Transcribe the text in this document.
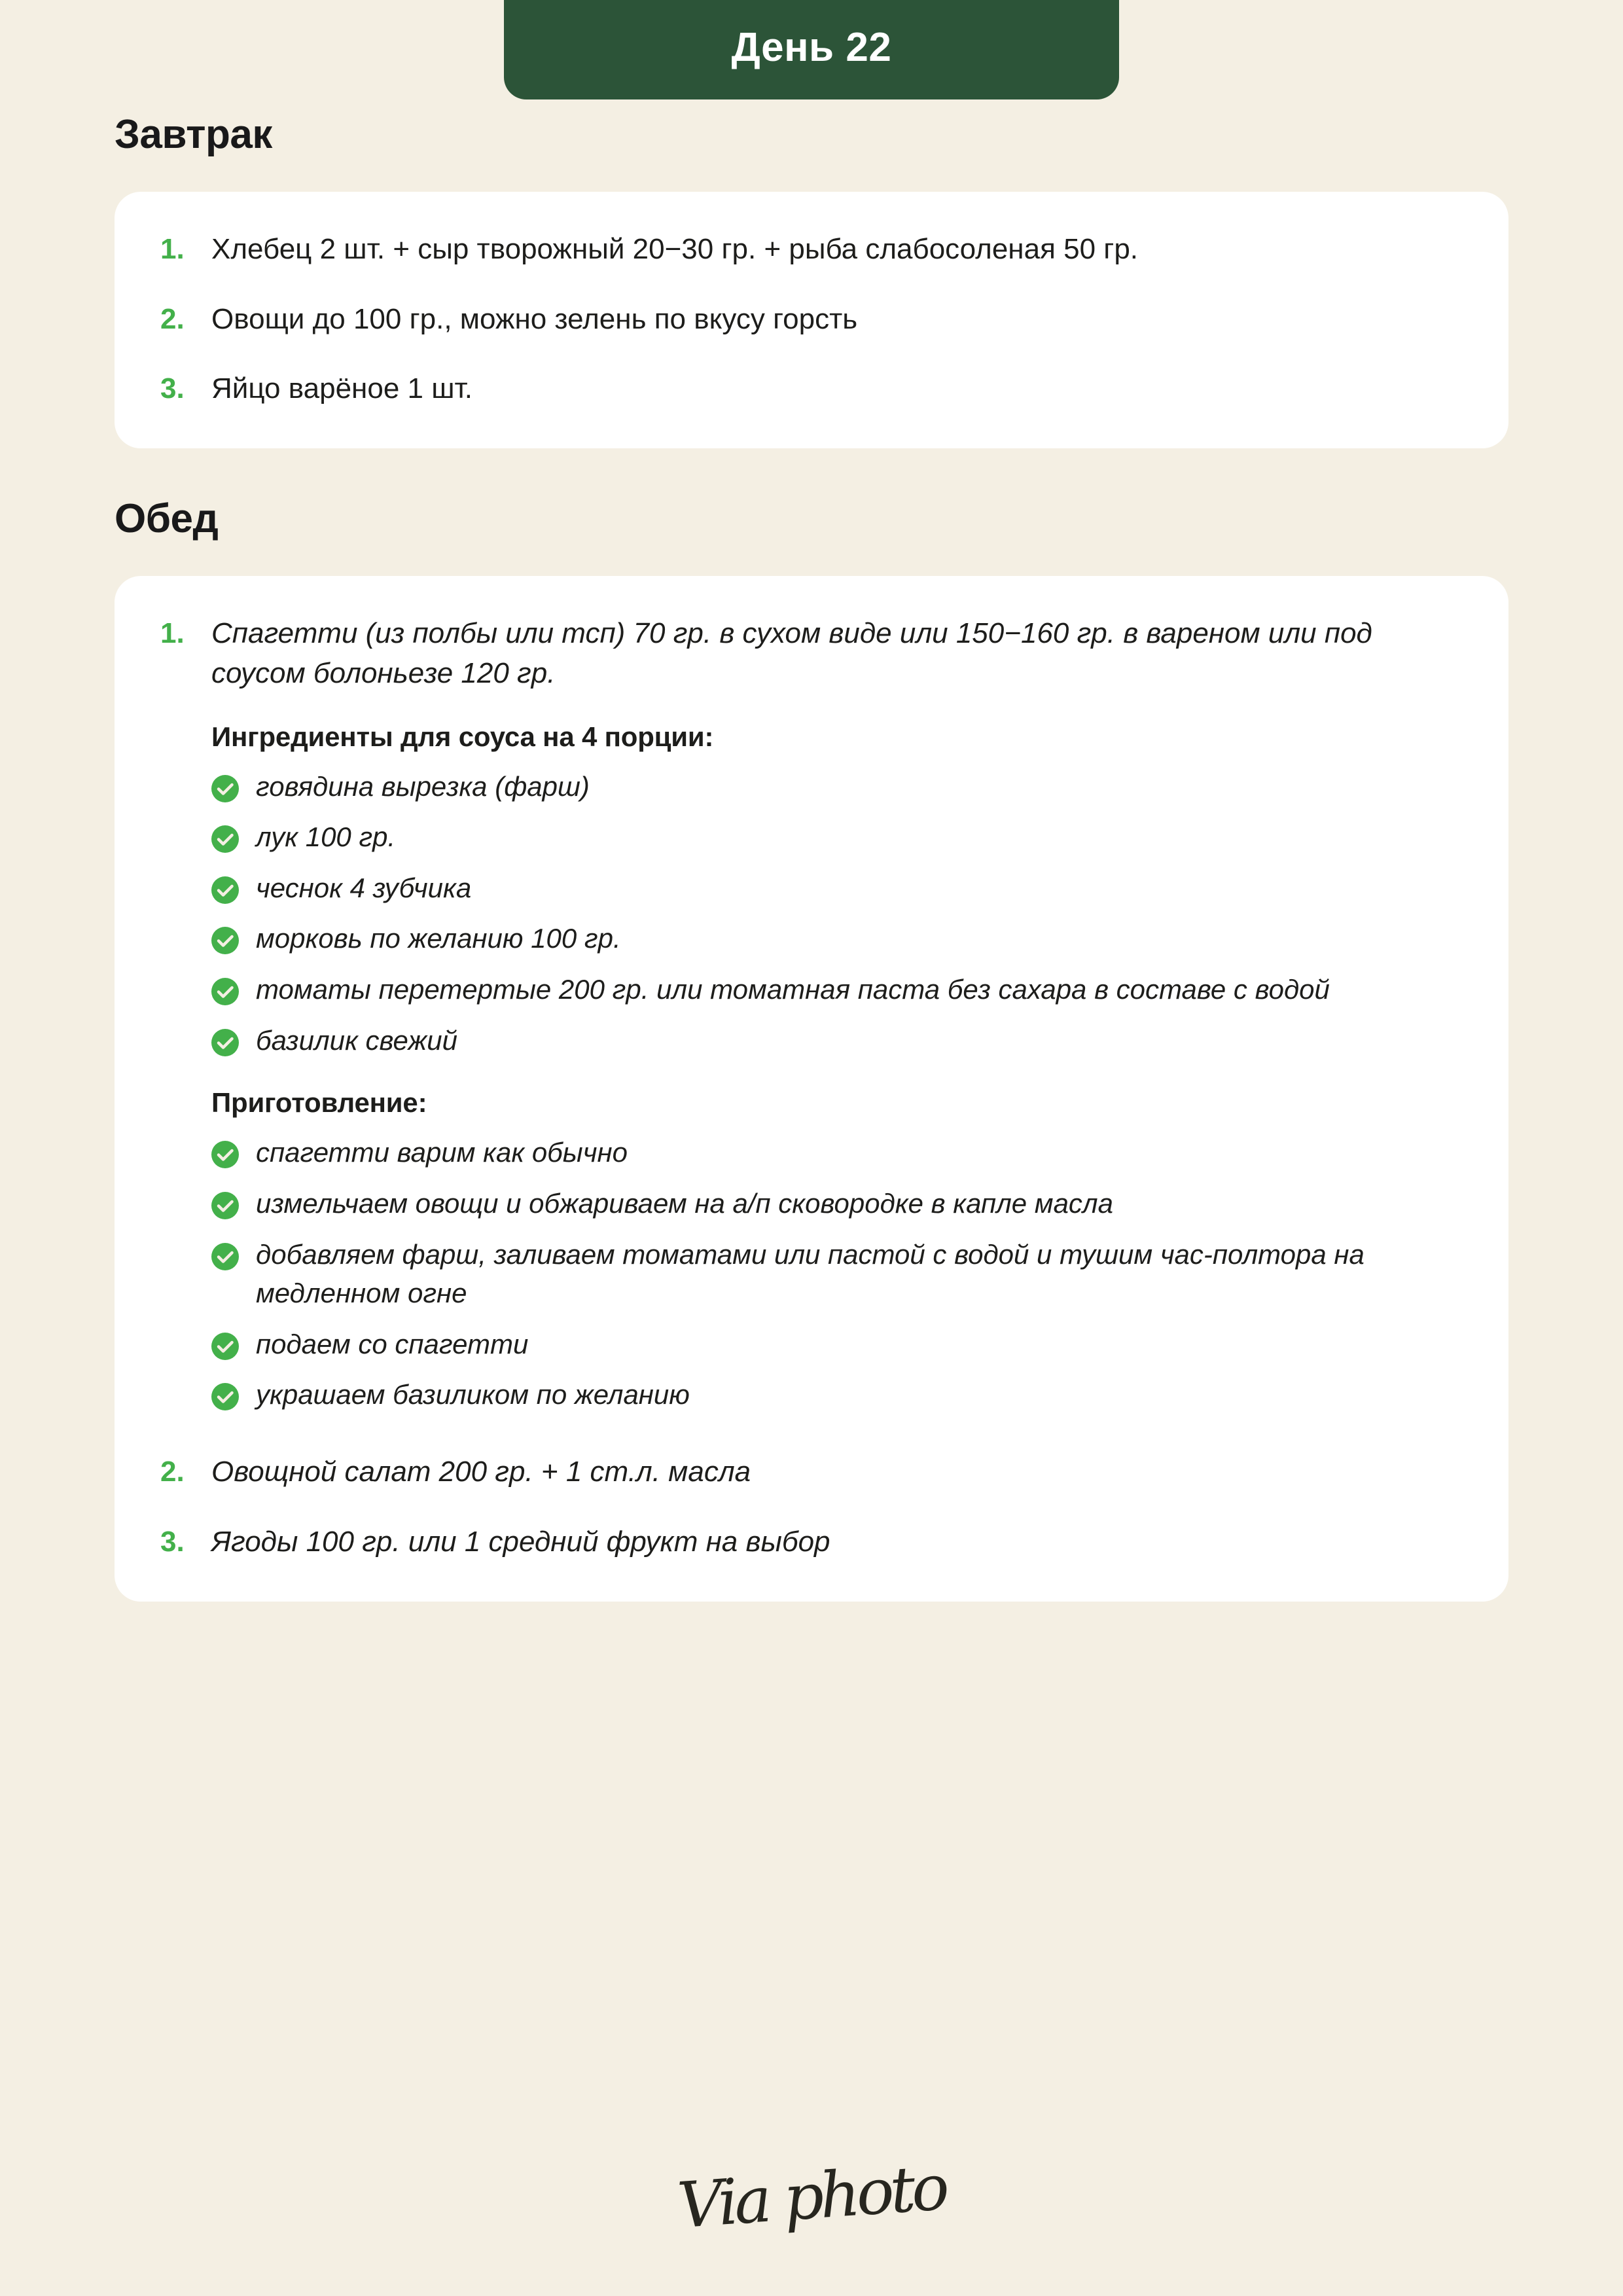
День 22
Завтрак
1. Хлебец 2 шт. + сыр творожный 20−30 гр. + рыба слабосоленая 50 гр.
2. Овощи до 100 гр., можно зелень по вкусу горсть
3. Яйцо варёное 1 шт.
Обед
1. Спагетти (из полбы или тсп) 70 гр. в сухом виде или 150−160 гр. в вареном или под соусом болоньезе 120 гр.
Ингредиенты для соуса на 4 порции:
говядина вырезка (фарш)
лук 100 гр.
чеснок 4 зубчика
морковь по желанию 100 гр.
томаты перетертые 200 гр. или томатная паста без сахара в составе с водой
базилик свежий
Приготовление:
спагетти варим как обычно
измельчаем овощи и обжариваем на а/п сковородке в капле масла
добавляем фарш, заливаем томатами или пастой с водой и тушим час-полтора на медленном огне
подаем со спагетти
украшаем базиликом по желанию
2. Овощной салат 200 гр. + 1 ст.л. масла
3. Ягоды 100 гр. или 1 средний фрукт на выбор
Via photo
